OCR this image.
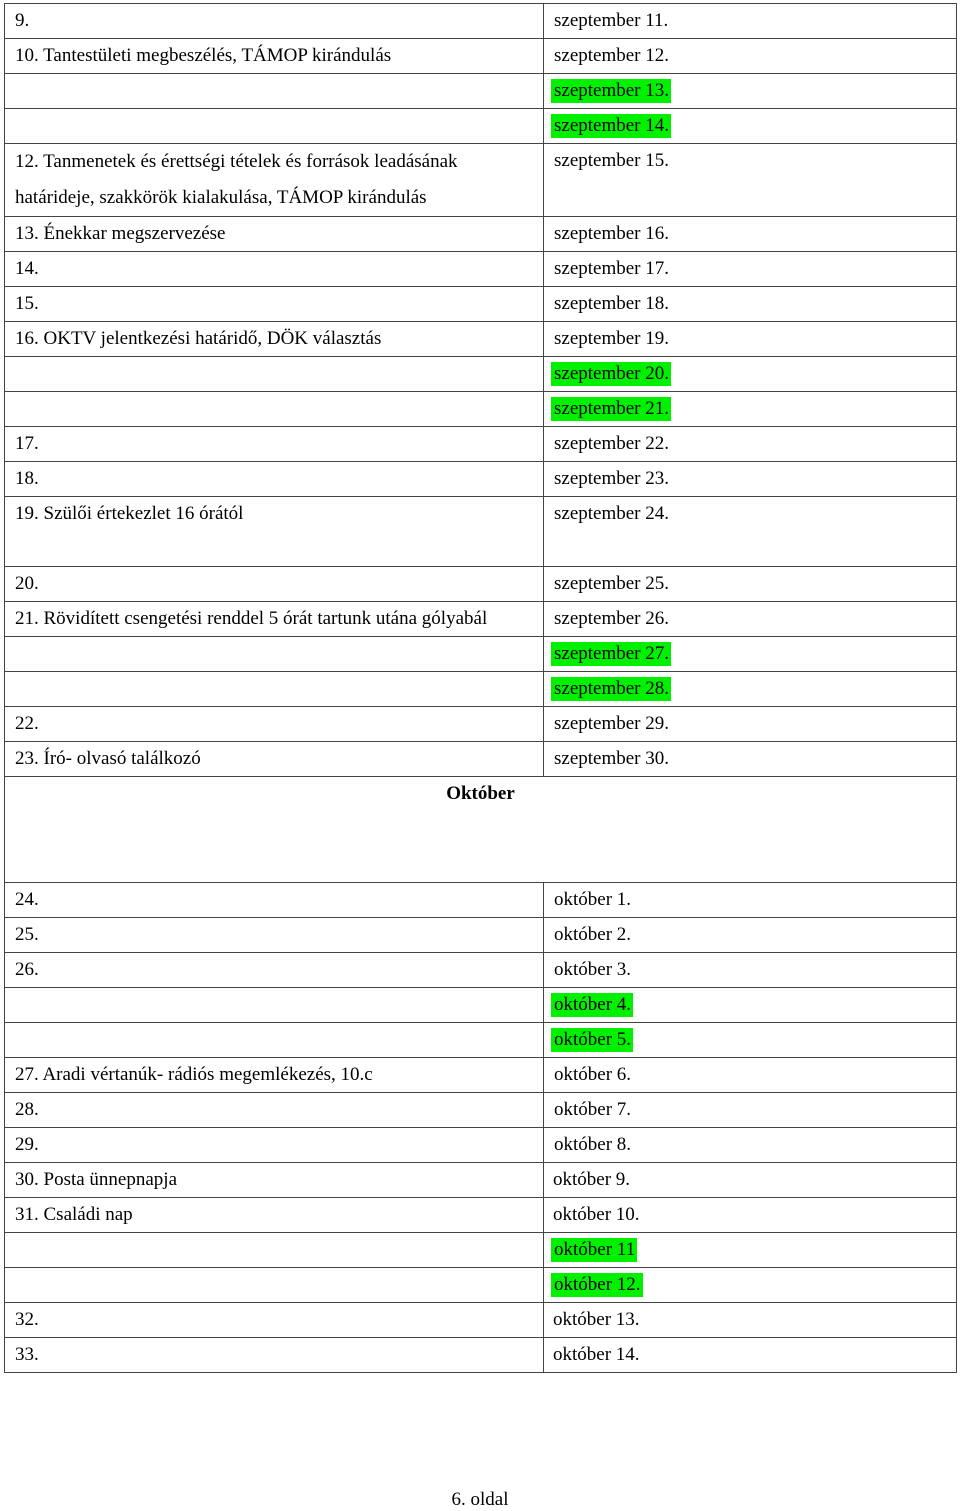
9.	szeptember 11.
10. Tantestületi megbeszélés, TÁMOP kirándulás	szeptember 12.
	szeptember 13.
	szeptember 14.
12. Tanmenetek és érettségi tételek és források leadásának határideje, szakkörök kialakulása, TÁMOP kirándulás	szeptember 15.
13. Énekkar megszervezése	szeptember 16.
14.	szeptember 17.
15.	szeptember 18.
16. OKTV jelentkezési határidő, DÖK választás	szeptember 19.
	szeptember 20.
	szeptember 21.
17.	szeptember 22.
18.	szeptember 23.
19. Szülői értekezlet 16 órától	szeptember 24.
20.	szeptember 25.
21. Rövidített csengetési renddel 5 órát tartunk utána gólyabál	szeptember 26.
	szeptember 27.
	szeptember 28.
22.	szeptember 29.
23. Író- olvasó találkozó	szeptember 30.
Október	
24.	október 1.
25.	október 2.
26.	október 3.
	október 4.
	október 5.
27. Aradi vértanúk- rádiós megemlékezés, 10.c	október 6.
28.	október 7.
29.	október 8.
30. Posta ünnepnapja	október 9.
31. Családi nap	október 10.
	október 11
	október 12.
32.	október 13.
33.	október 14.
6. oldal
